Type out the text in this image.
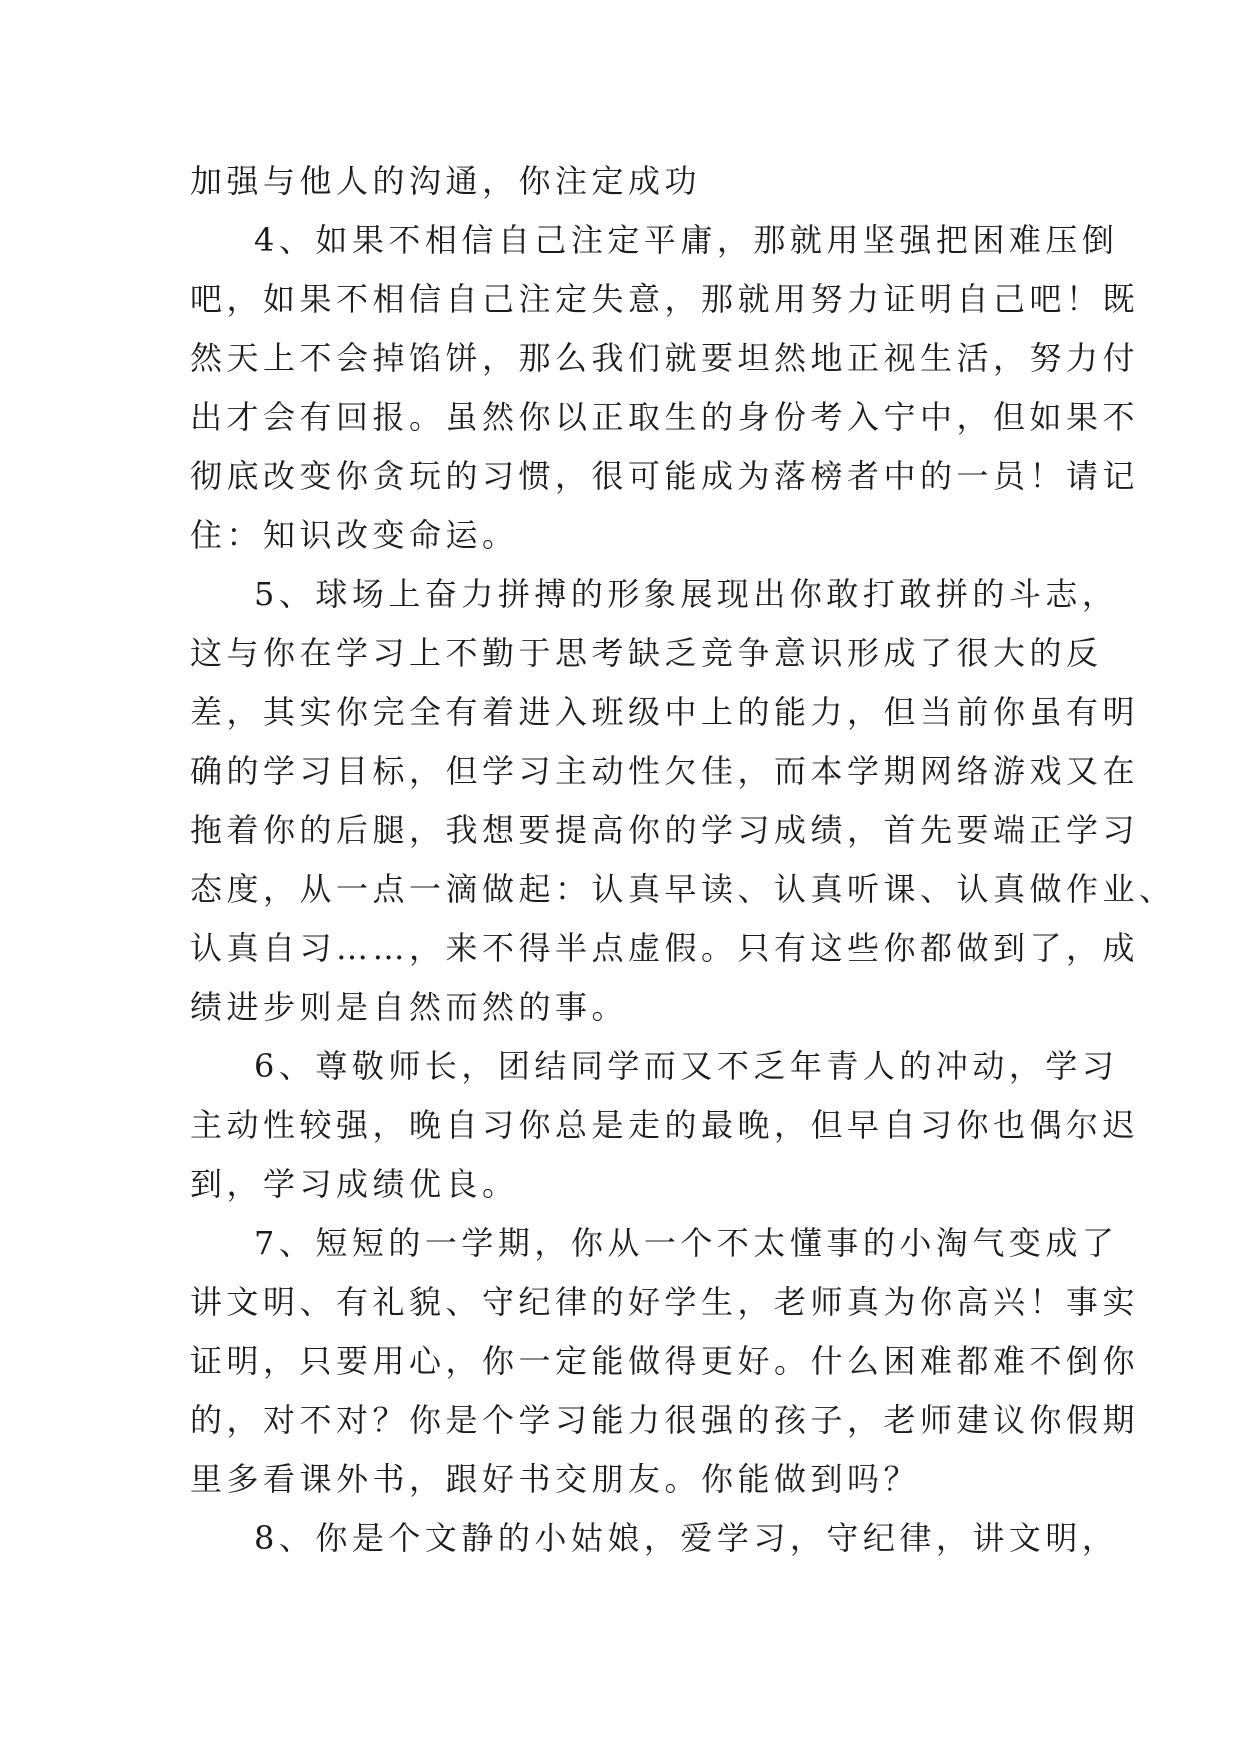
加强与他人的沟通，你注定成功
4、如果不相信自己注定平庸，那就用坚强把困难压倒
吧，如果不相信自己注定失意，那就用努力证明自己吧！既
然天上不会掉馅饼，那么我们就要坦然地正视生活，努力付
出才会有回报。虽然你以正取生的身份考入宁中，但如果不
彻底改变你贪玩的习惯，很可能成为落榜者中的一员！请记
住：知识改变命运。
5、球场上奋力拼搏的形象展现出你敢打敢拼的斗志，
这与你在学习上不勤于思考缺乏竞争意识形成了很大的反
差，其实你完全有着进入班级中上的能力，但当前你虽有明
确的学习目标，但学习主动性欠佳，而本学期网络游戏又在
拖着你的后腿，我想要提高你的学习成绩，首先要端正学习
态度，从一点一滴做起：认真早读、认真听课、认真做作业、
认真自习……，来不得半点虚假。只有这些你都做到了，成
绩进步则是自然而然的事。
6、尊敬师长，团结同学而又不乏年青人的冲动，学习
主动性较强，晚自习你总是走的最晚，但早自习你也偶尔迟
到，学习成绩优良。
7、短短的一学期，你从一个不太懂事的小淘气变成了
讲文明、有礼貌、守纪律的好学生，老师真为你高兴！事实
证明，只要用心，你一定能做得更好。什么困难都难不倒你
的，对不对？你是个学习能力很强的孩子，老师建议你假期
里多看课外书，跟好书交朋友。你能做到吗？
8、你是个文静的小姑娘，爱学习，守纪律，讲文明，
